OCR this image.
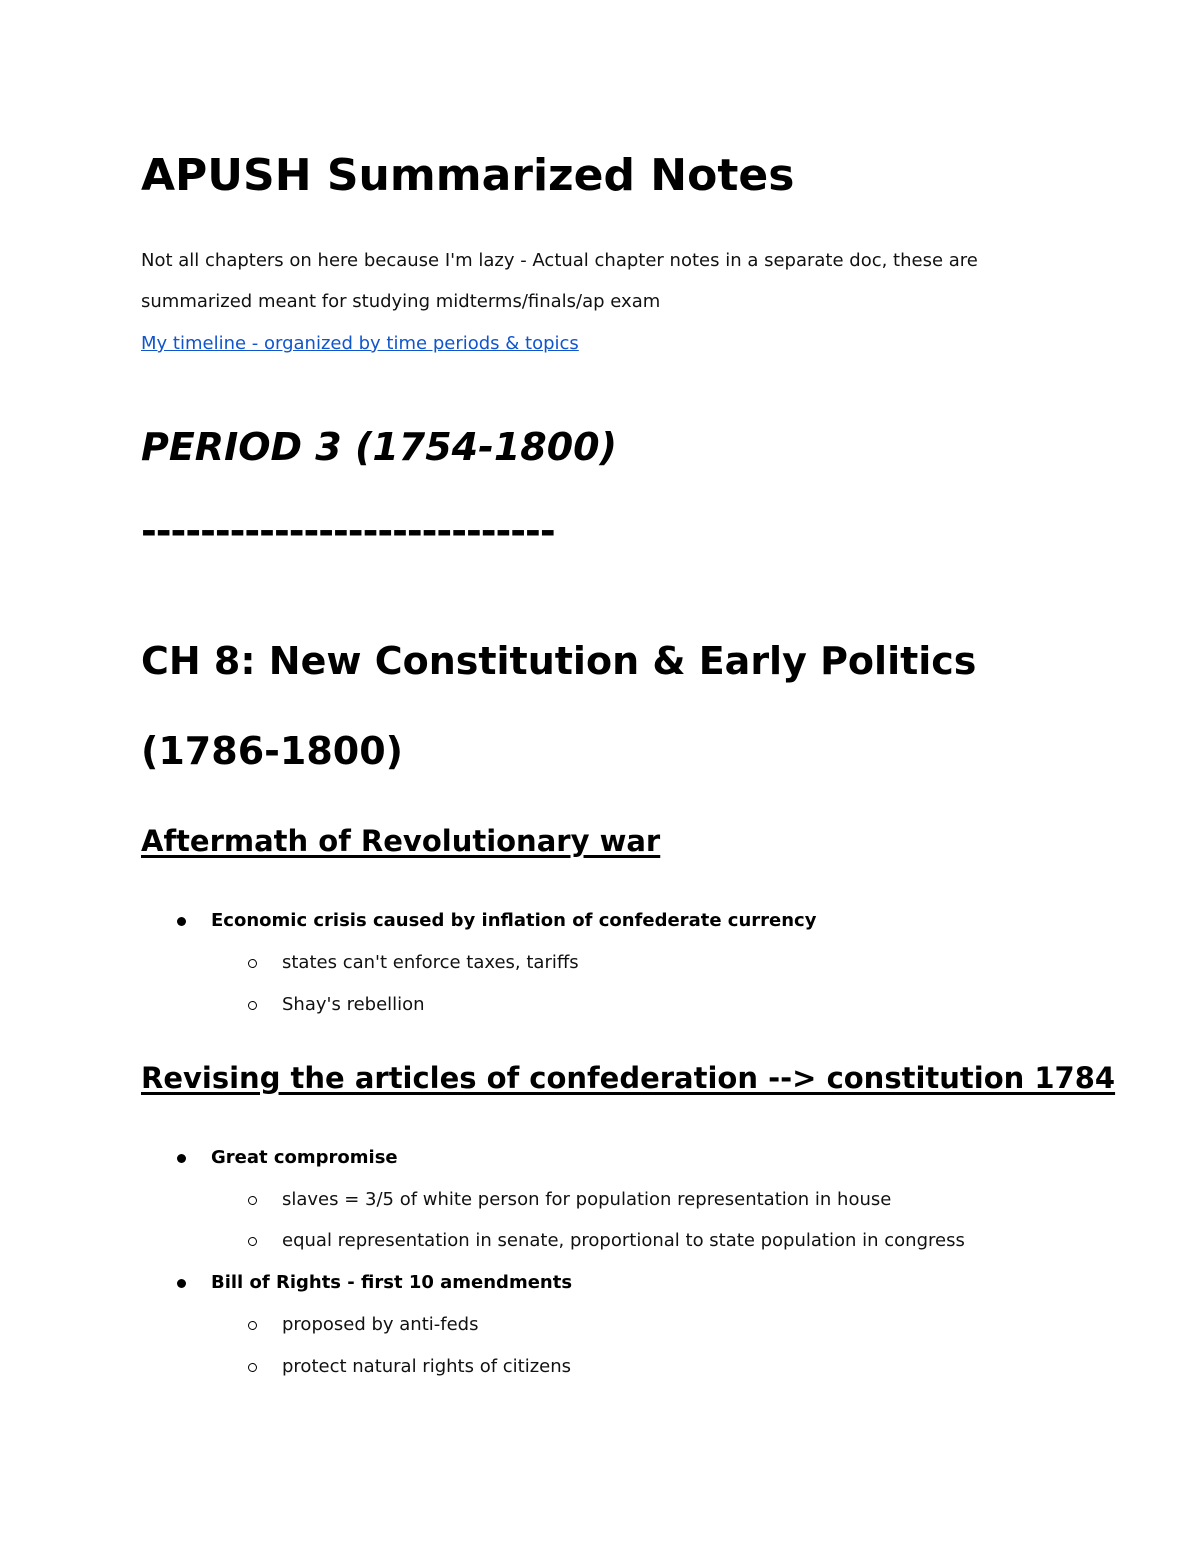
APUSH Summarized Notes

Not all chapters on here because I'm lazy - Actual chapter notes in a separate doc, these are

summarized meant for studying midterms/finals/ap exam

My timeline - organized by time periods & topics
PERIOD 3 (1754-1800)
----------------------------
CH 8: New Constitution & Early Politics
(1786-1800)
Aftermath of Revolutionary war
Economic crisis caused by inflation of confederate currency
states can't enforce taxes, tariffs
Shay's rebellion
Revising the articles of confederation --> constitution 1784
Great compromise
slaves = 3/5 of white person for population representation in house
equal representation in senate, proportional to state population in congress
Bill of Rights - first 10 amendments
proposed by anti-feds
protect natural rights of citizens
